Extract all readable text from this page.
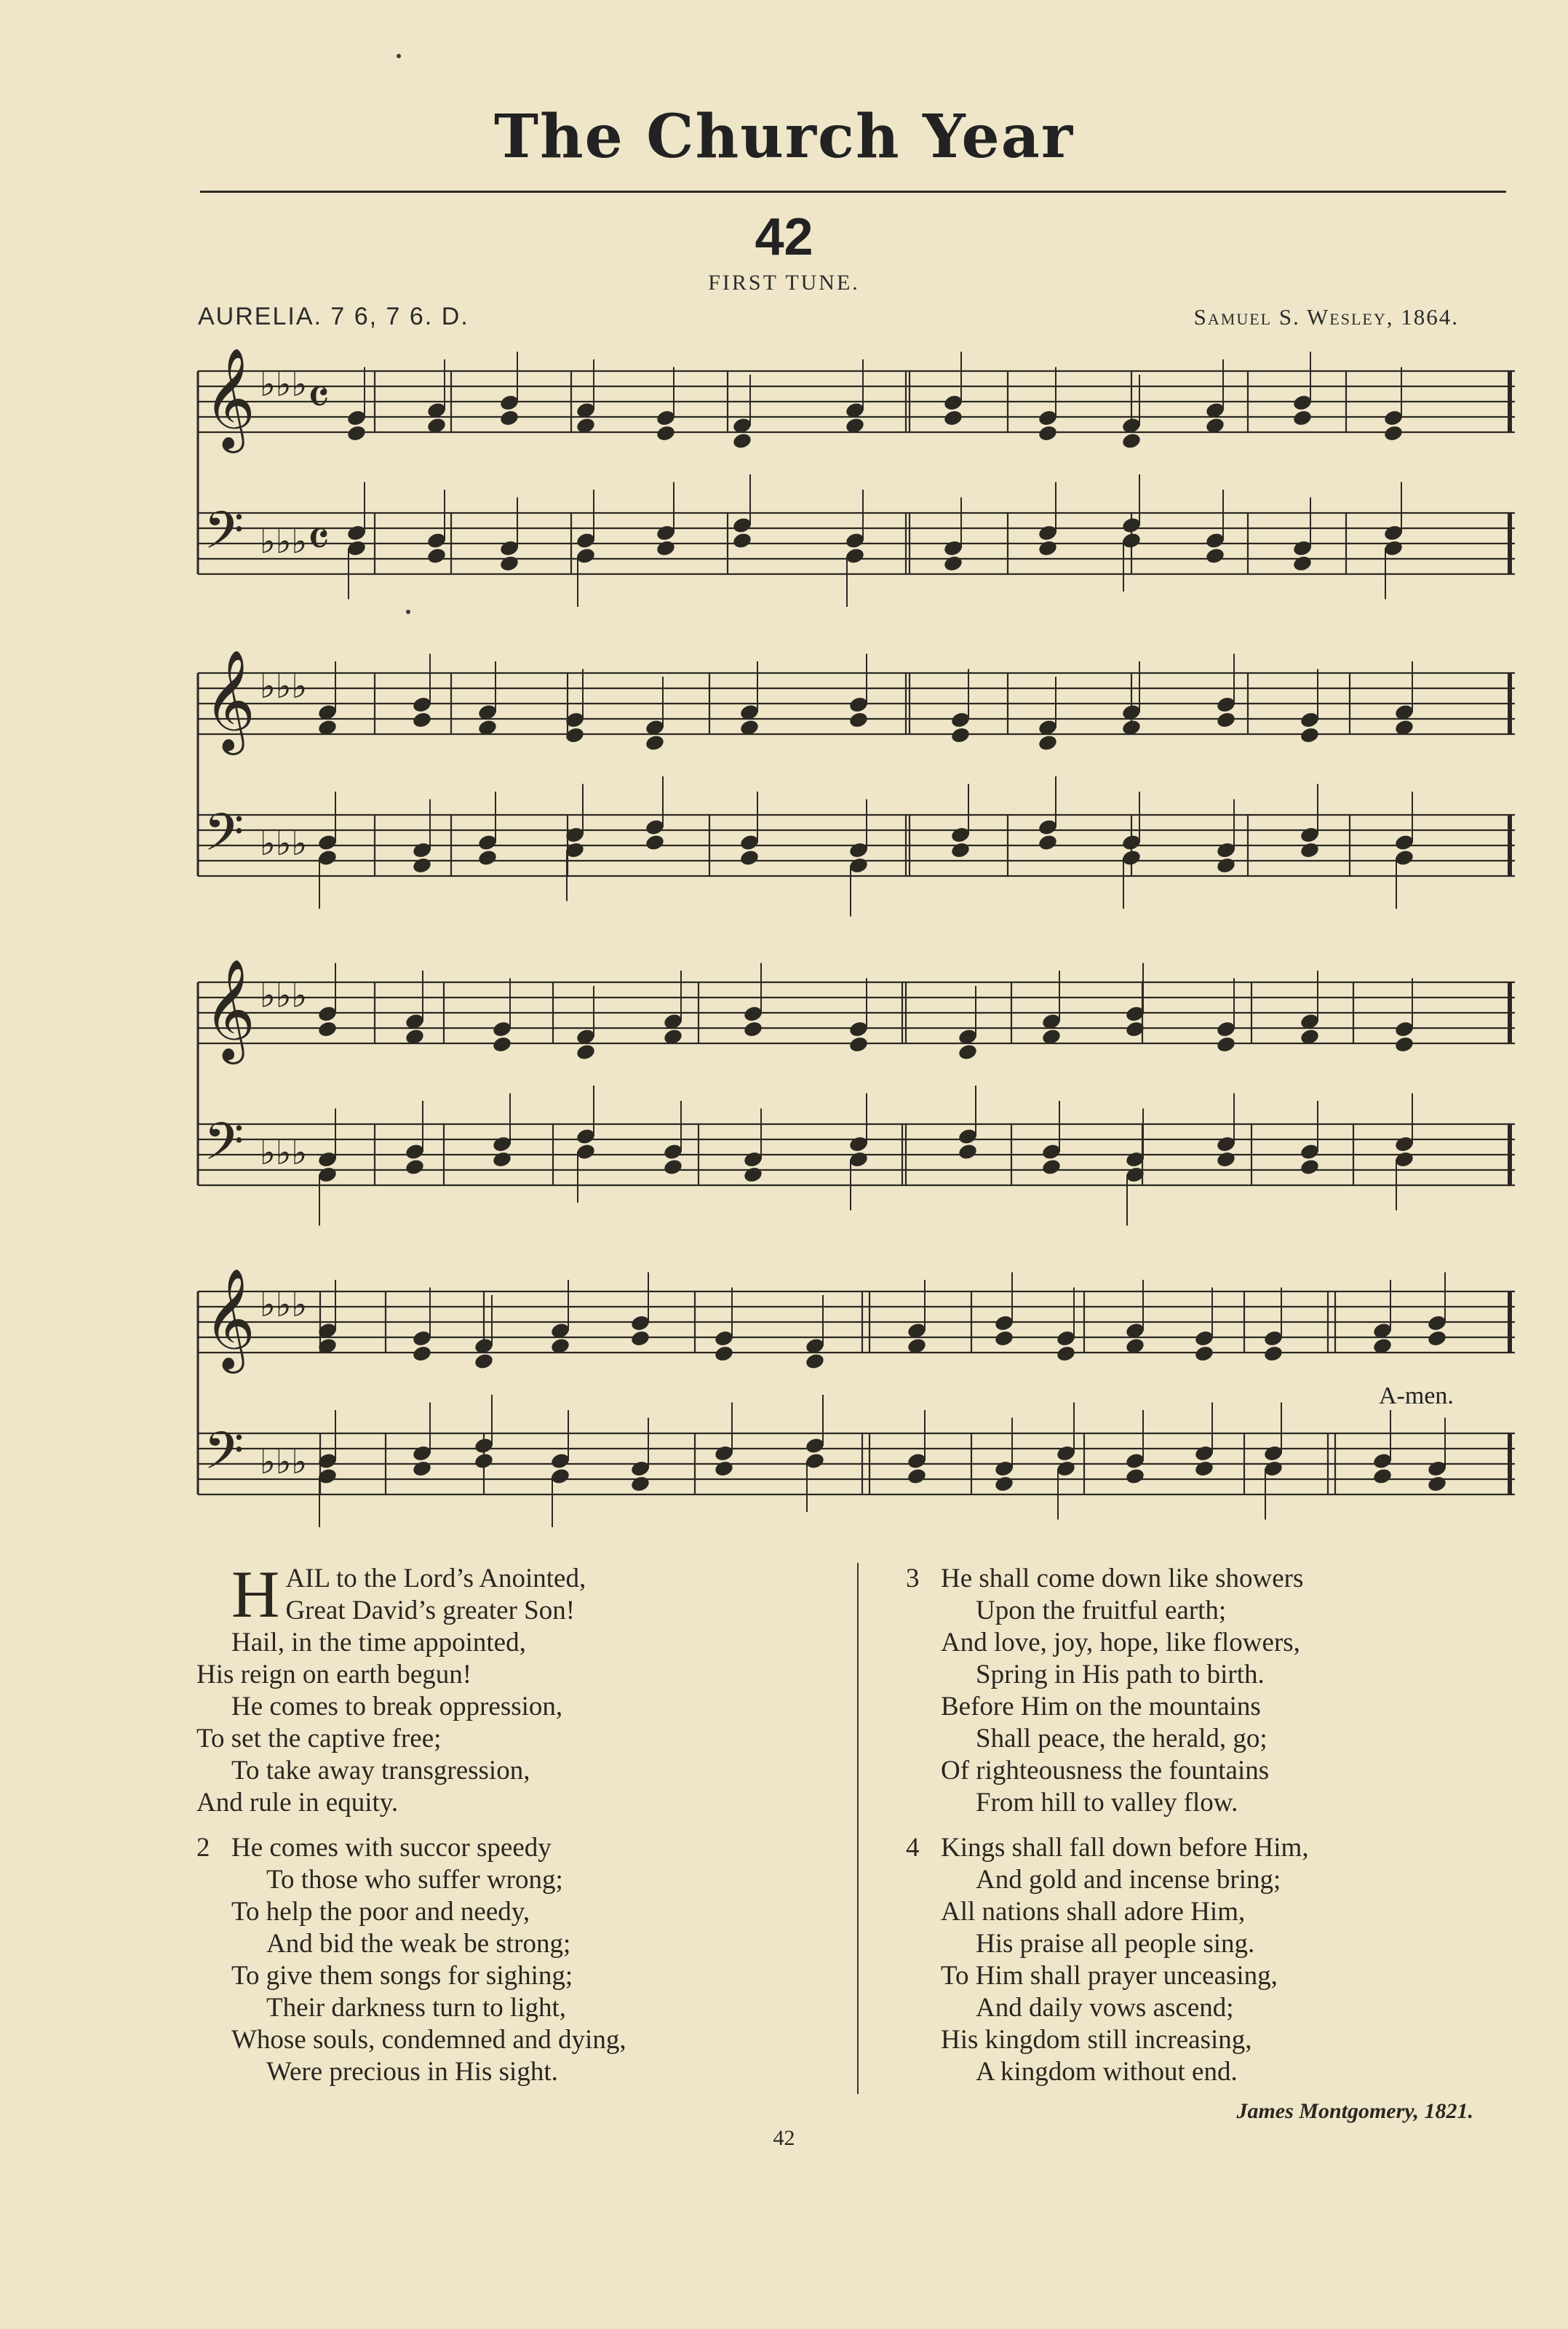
The Church Year
42
FIRST TUNE.
AURELIA. 7 6, 7 6. D.	Samuel S. Wesley, 1864.
𝄞 ♭♭♭ 𝄴
𝄢 ♭♭♭ 𝄴
𝄞 ♭♭♭
𝄢 ♭♭♭
𝄞 ♭♭♭
𝄢 ♭♭♭
𝄞 ♭♭♭
𝄢 ♭♭♭
A-men.
H AIL to the Lord’s Anointed,
Great David’s greater Son!
Hail, in the time appointed,
His reign on earth begun!
He comes to break oppression,
To set the captive free;
To take away transgression,
And rule in equity.
2 He comes with succor speedy
To those who suffer wrong;
To help the poor and needy,
And bid the weak be strong;
To give them songs for sighing;
Their darkness turn to light,
Whose souls, condemned and dying,
Were precious in His sight.
3 He shall come down like showers
Upon the fruitful earth;
And love, joy, hope, like flowers,
Spring in His path to birth.
Before Him on the mountains
Shall peace, the herald, go;
Of righteousness the fountains
From hill to valley flow.
4 Kings shall fall down before Him,
And gold and incense bring;
All nations shall adore Him,
His praise all people sing.
To Him shall prayer unceasing,
And daily vows ascend;
His kingdom still increasing,
A kingdom without end.
James Montgomery, 1821.
42
